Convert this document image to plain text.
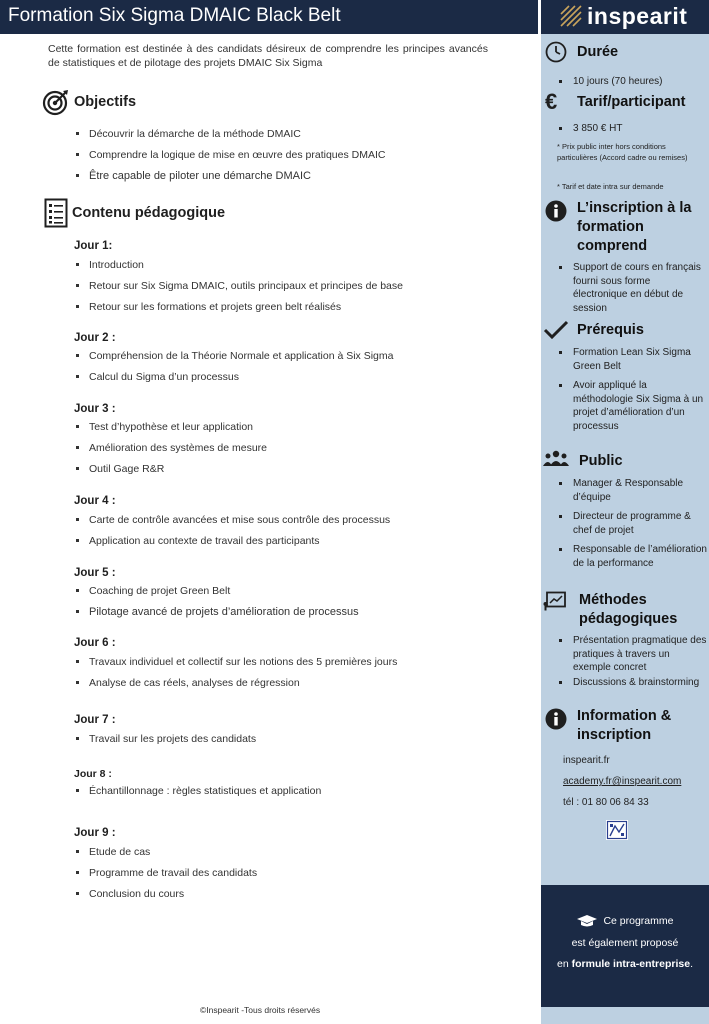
Formation Six Sigma DMAIC Black Belt	inspearit
Cette formation est destinée à des candidats désireux de comprendre les principes avancés de statistiques et de pilotage des projets DMAIC Six Sigma
Objectifs
Découvrir la démarche de la méthode DMAIC
Comprendre la logique de mise en œuvre des pratiques DMAIC
Être capable de piloter une démarche DMAIC
Contenu pédagogique
Jour 1:
Introduction
Retour sur Six Sigma DMAIC, outils principaux et principes de base
Retour sur les formations et projets green belt réalisés
Jour 2 :
Compréhension de la Théorie Normale et application à Six Sigma
Calcul du Sigma d’un processus
Jour 3 :
Test d’hypothèse et leur application
Amélioration des systèmes de mesure
Outil Gage R&R
Jour 4 :
Carte de contrôle avancées et mise sous contrôle des processus
Application au contexte de travail des participants
Jour 5 :
Coaching de projet Green Belt
Pilotage avancé de projets d’amélioration de processus
Jour 6 :
Travaux individuel et collectif sur les notions des 5 premières jours
Analyse de cas réels, analyses de régression
Jour 7 :
Travail sur les projets des candidats
Jour 8 :
Échantillonnage : règles statistiques et application
Jour 9 :
Etude de cas
Programme de travail des candidats
Conclusion du cours
©Inspearit -Tous droits réservés
Durée
10 jours (70 heures)
€ Tarif/participant
3 850 € HT
* Prix public inter hors conditions particulières (Accord cadre ou remises)
* Tarif et date intra sur demande
L’inscription à la formation comprend
Support de cours en français fourni sous forme électronique en début de session
Prérequis
Formation Lean Six Sigma Green Belt
Avoir appliqué la méthodologie Six Sigma à un projet d’amélioration d’un processus
Public
Manager & Responsable d’équipe
Directeur de programme & chef de projet
Responsable de l’amélioration de la performance
Méthodes pédagogiques
Présentation pragmatique des pratiques à travers un exemple concret
Discussions & brainstorming
Information & inscription
inspearit.fr
academy.fr@inspearit.com
tél : 01 80 06 84 33
Ce programme
est également proposé
en formule intra-entreprise.
